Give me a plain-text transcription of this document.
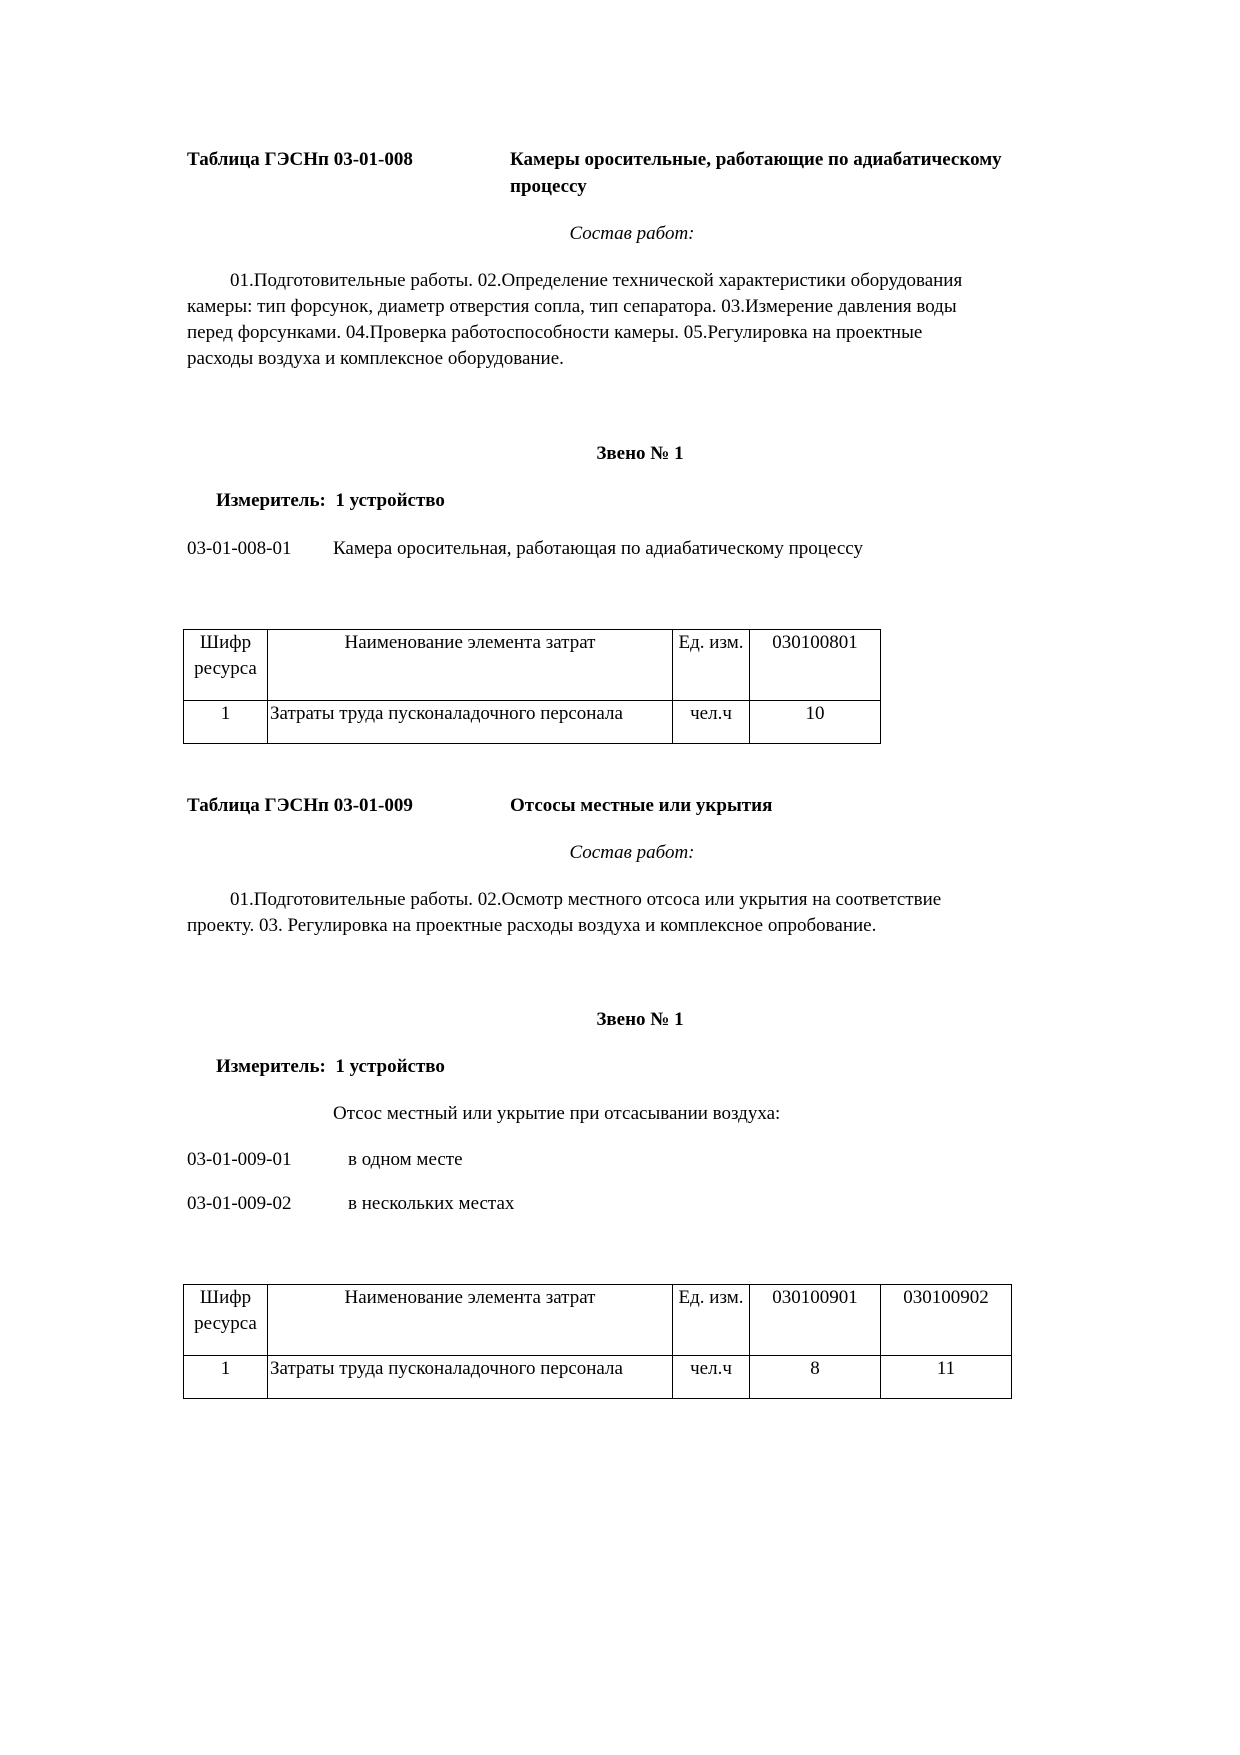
Таблица ГЭСНп 03-01-008	Камеры оросительные, работающие по адиабатическому
процессу
Состав работ:
01.Подготовительные работы. 02.Определение технической характеристики оборудования
камеры: тип форсунок, диаметр отверстия сопла, тип сепаратора. 03.Измерение давления воды
перед форсунками. 04.Проверка работоспособности камеры. 05.Регулировка на проектные
расходы воздуха и комплексное оборудование.
Звено № 1
Измеритель: 1 устройство
03-01-008-01 Камера оросительная, работающая по адиабатическому процессу
Шифр ресурса	Наименование элемента затрат	Ед. изм.	030100801
1	Затраты труда пусконаладочного персонала	чел.ч	10
Таблица ГЭСНп 03-01-009	Отсосы местные или укрытия
Состав работ:
01.Подготовительные работы. 02.Осмотр местного отсоса или укрытия на соответствие
проекту. 03. Регулировка на проектные расходы воздуха и комплексное опробование.
Звено № 1
Измеритель: 1 устройство
Отсос местный или укрытие при отсасывании воздуха:
03-01-009-01	в одном месте
03-01-009-02	в нескольких местах
Шифр ресурса	Наименование элемента затрат	Ед. изм.	030100901	030100902
1	Затраты труда пусконаладочного персонала	чел.ч	8	11
